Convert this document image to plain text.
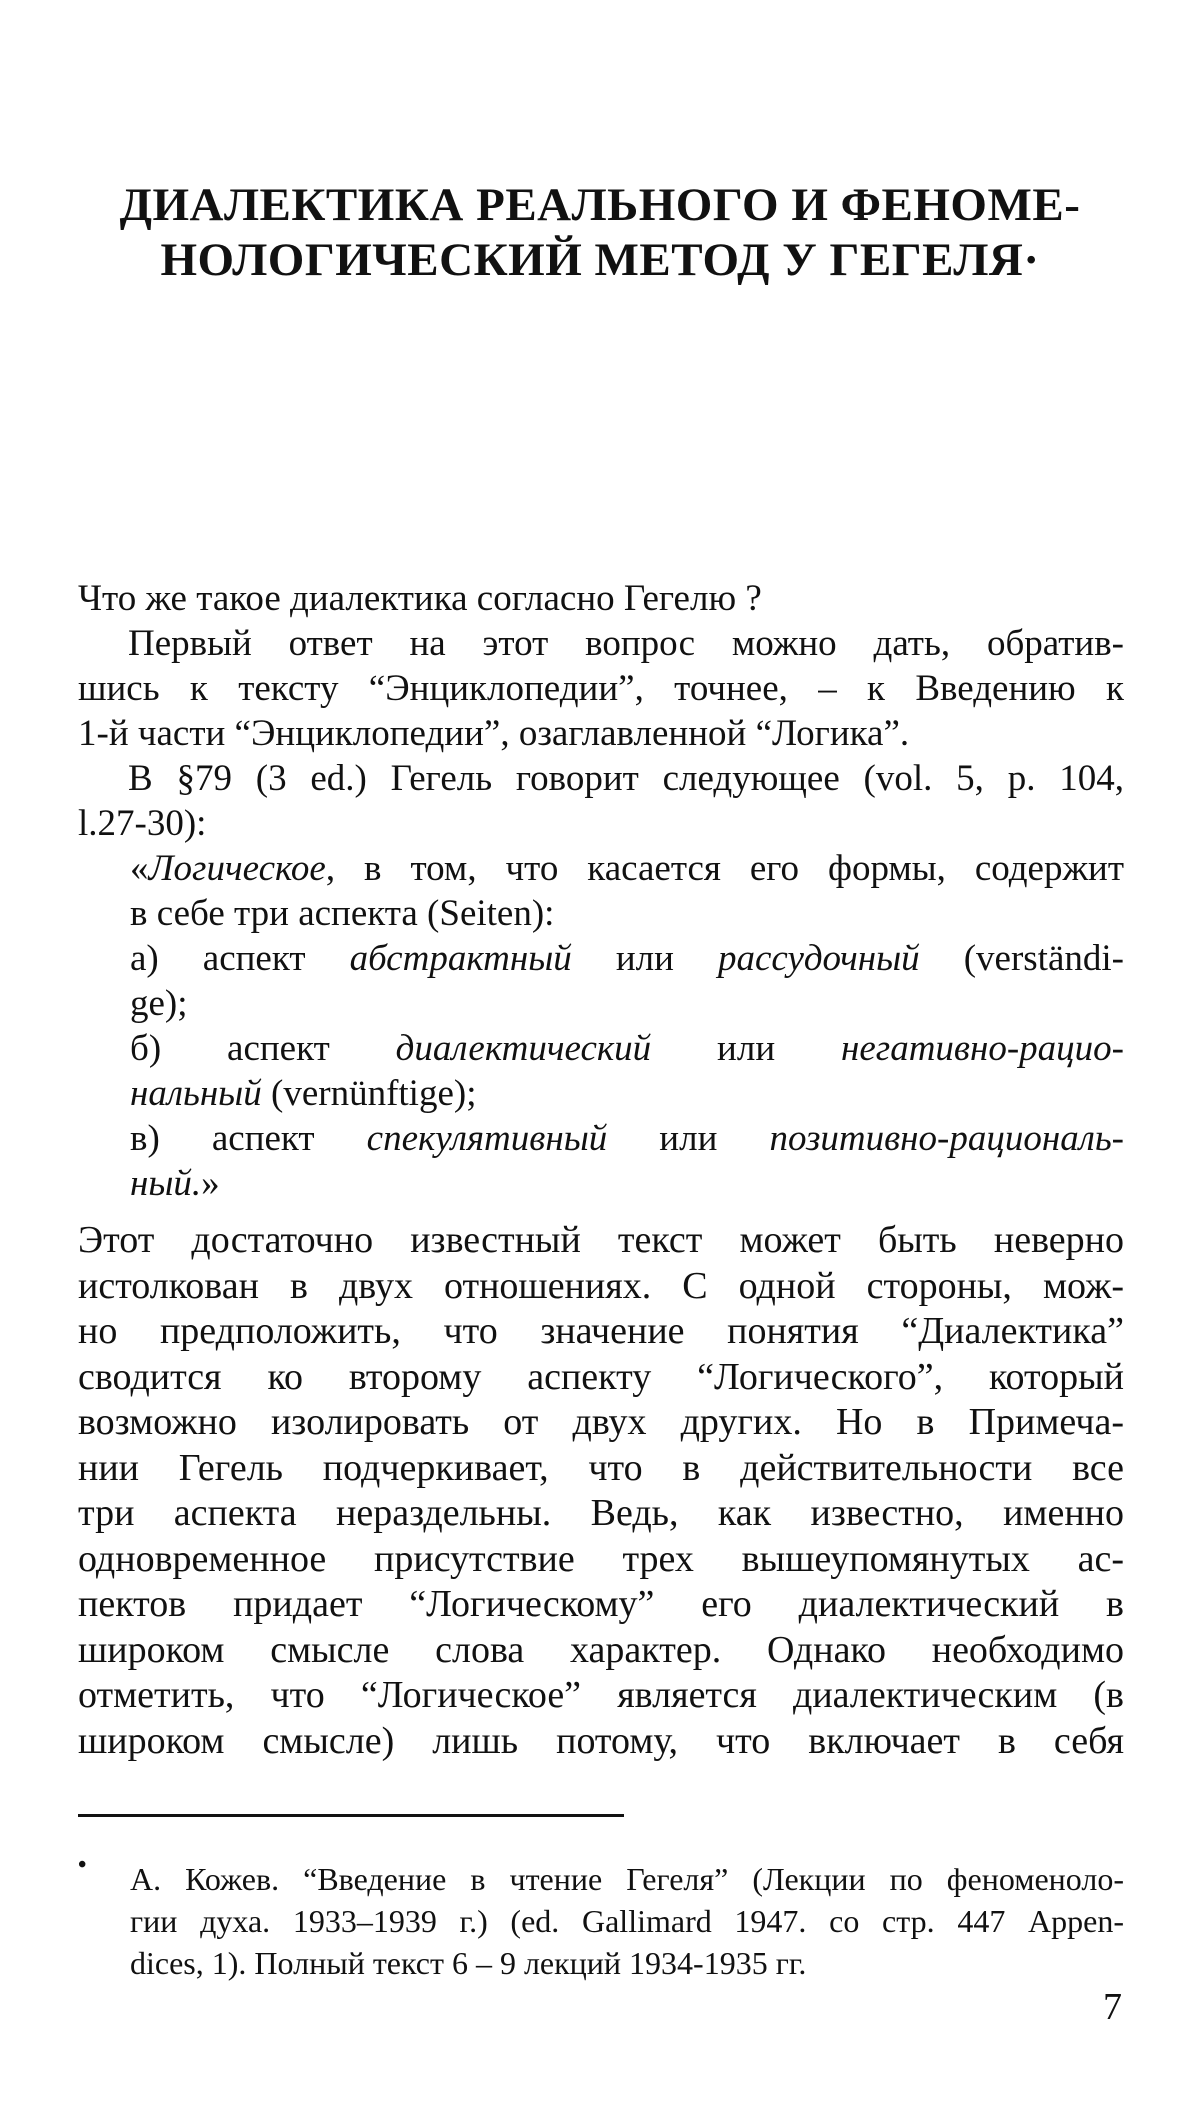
ДИАЛЕКТИКА РЕАЛЬНОГО И ФЕНОМЕ-
НОЛОГИЧЕСКИЙ МЕТОД У ГЕГЕЛЯ·

Что же такое диалектика согласно Гегелю ?

Первый ответ на этот вопрос можно дать, обратив-
шись к тексту “Энциклопедии”, точнее, – к Введению к
1-й части “Энциклопедии”, озаглавленной “Логика”.
В §79 (3 ed.) Гегель говорит следующее (vol. 5, p. 104,
l.27-30):
«Логическое, в том, что касается его формы, содержит
в себе три аспекта (Seiten):
а) аспект абстрактный или рассудочный (verständi-
ge);
б) аспект диалектический или негативно-рацио-
нальный (vernünftige);
в) аспект спекулятивный или позитивно-рациональ-
ный.»
Этот достаточно известный текст может быть неверно
истолкован в двух отношениях. С одной стороны, мож-
но предположить, что значение понятия “Диалектика”
сводится ко второму аспекту “Логического”, который
возможно изолировать от двух других. Но в Примеча-
нии Гегель подчеркивает, что в действительности все
три аспекта нераздельны. Ведь, как известно, именно
одновременное присутствие трех вышеупомянутых ас-
пектов придает “Логическому” его диалектический в
широком смысле слова характер. Однако необходимо
отметить, что “Логическое” является диалектическим (в
широком смысле) лишь потому, что включает в себя
• А. Кожев. “Введение в чтение Гегеля” (Лекции по феноменоло-
гии духа. 1933–1939 г.) (ed. Gallimard 1947. со стр. 447 Appen-
dices, 1). Полный текст 6 – 9 лекций 1934-1935 гг.
7
